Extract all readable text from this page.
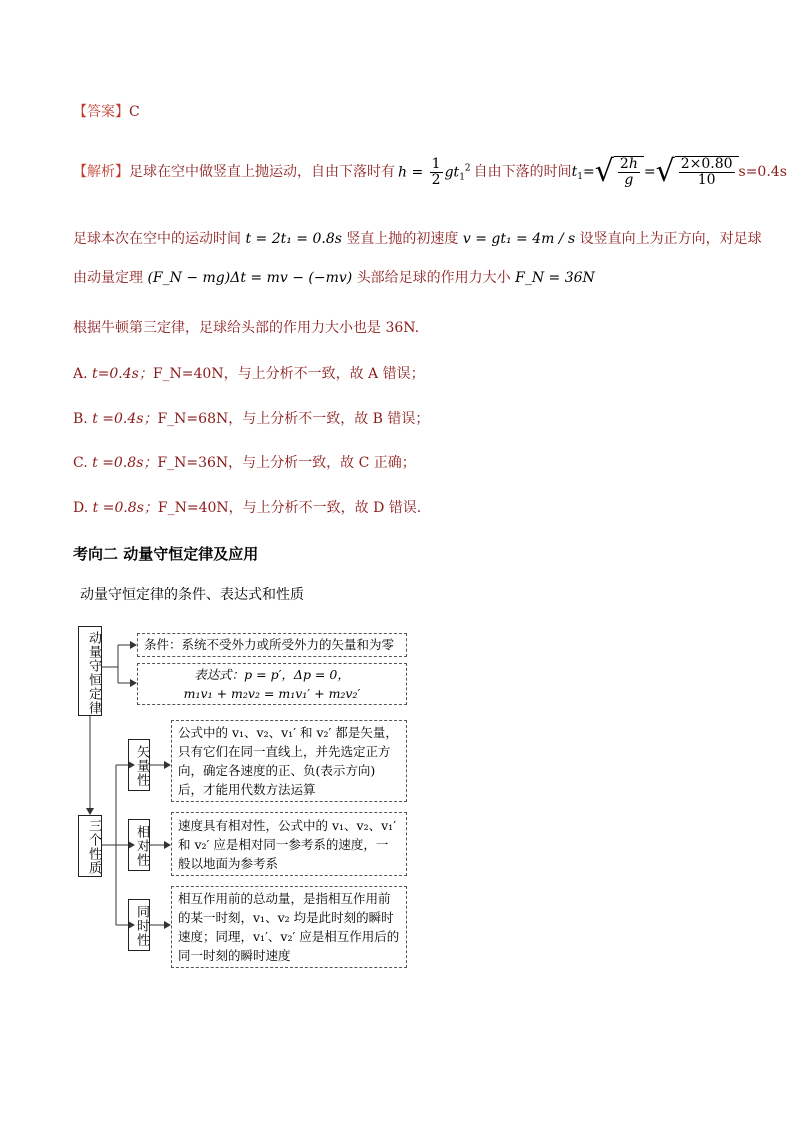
【答案】C
【解析】 足球在空中做竖直上抛运动，自由下落时有 $h = \frac{1}{2} gt_1^2$ 自由下落的时间 $t_1=√ \frac{2h}{g}$ =√ $\frac{2\times 0.80}{10} s=0.4s$
足球本次在空中的运动时间 t = 2t₁ = 0.8s 竖直上抛的初速度 v = gt₁ = 4m / s 设竖直向上为正方向，对足球
由动量定理 (F_N − mg)Δt = mv − (−mv) 头部给足球的作用力大小 F_N = 36N
根据牛顿第三定律，足球给头部的作用力大小也是 36N.
A. t=0.4s；F_N=40N，与上分析不一致，故 A 错误；
B. t =0.4s；F_N=68N，与上分析不一致，故 B 错误；
C. t =0.8s；F_N=36N，与上分析一致，故 C 正确；
D. t =0.8s；F_N=40N，与上分析不一致，故 D 错误.
考向二 动量守恒定律及应用
动量守恒定律的条件、表达式和性质
动量守恒定律	条件：系统不受外力或所受外力的矢量和为零
表达式：p = p′，Δp = 0，
m₁v₁ + m₂v₂ = m₁v₁′ + m₂v₂′
三个性质
矢量性
相对性
同时性
公式中的 v₁、v₂、v₁′ 和 v₂′ 都是矢量，只有它们在同一直线上，并先选定正方向，确定各速度的正、负(表示方向)后，才能用代数方法运算
速度具有相对性，公式中的 v₁、v₂、v₁′ 和 v₂′ 应是相对同一参考系的速度，一般以地面为参考系
相互作用前的总动量，是指相互作用前的某一时刻，v₁、v₂ 均是此时刻的瞬时速度；同理，v₁′、v₂′ 应是相互作用后的同一时刻的瞬时速度
